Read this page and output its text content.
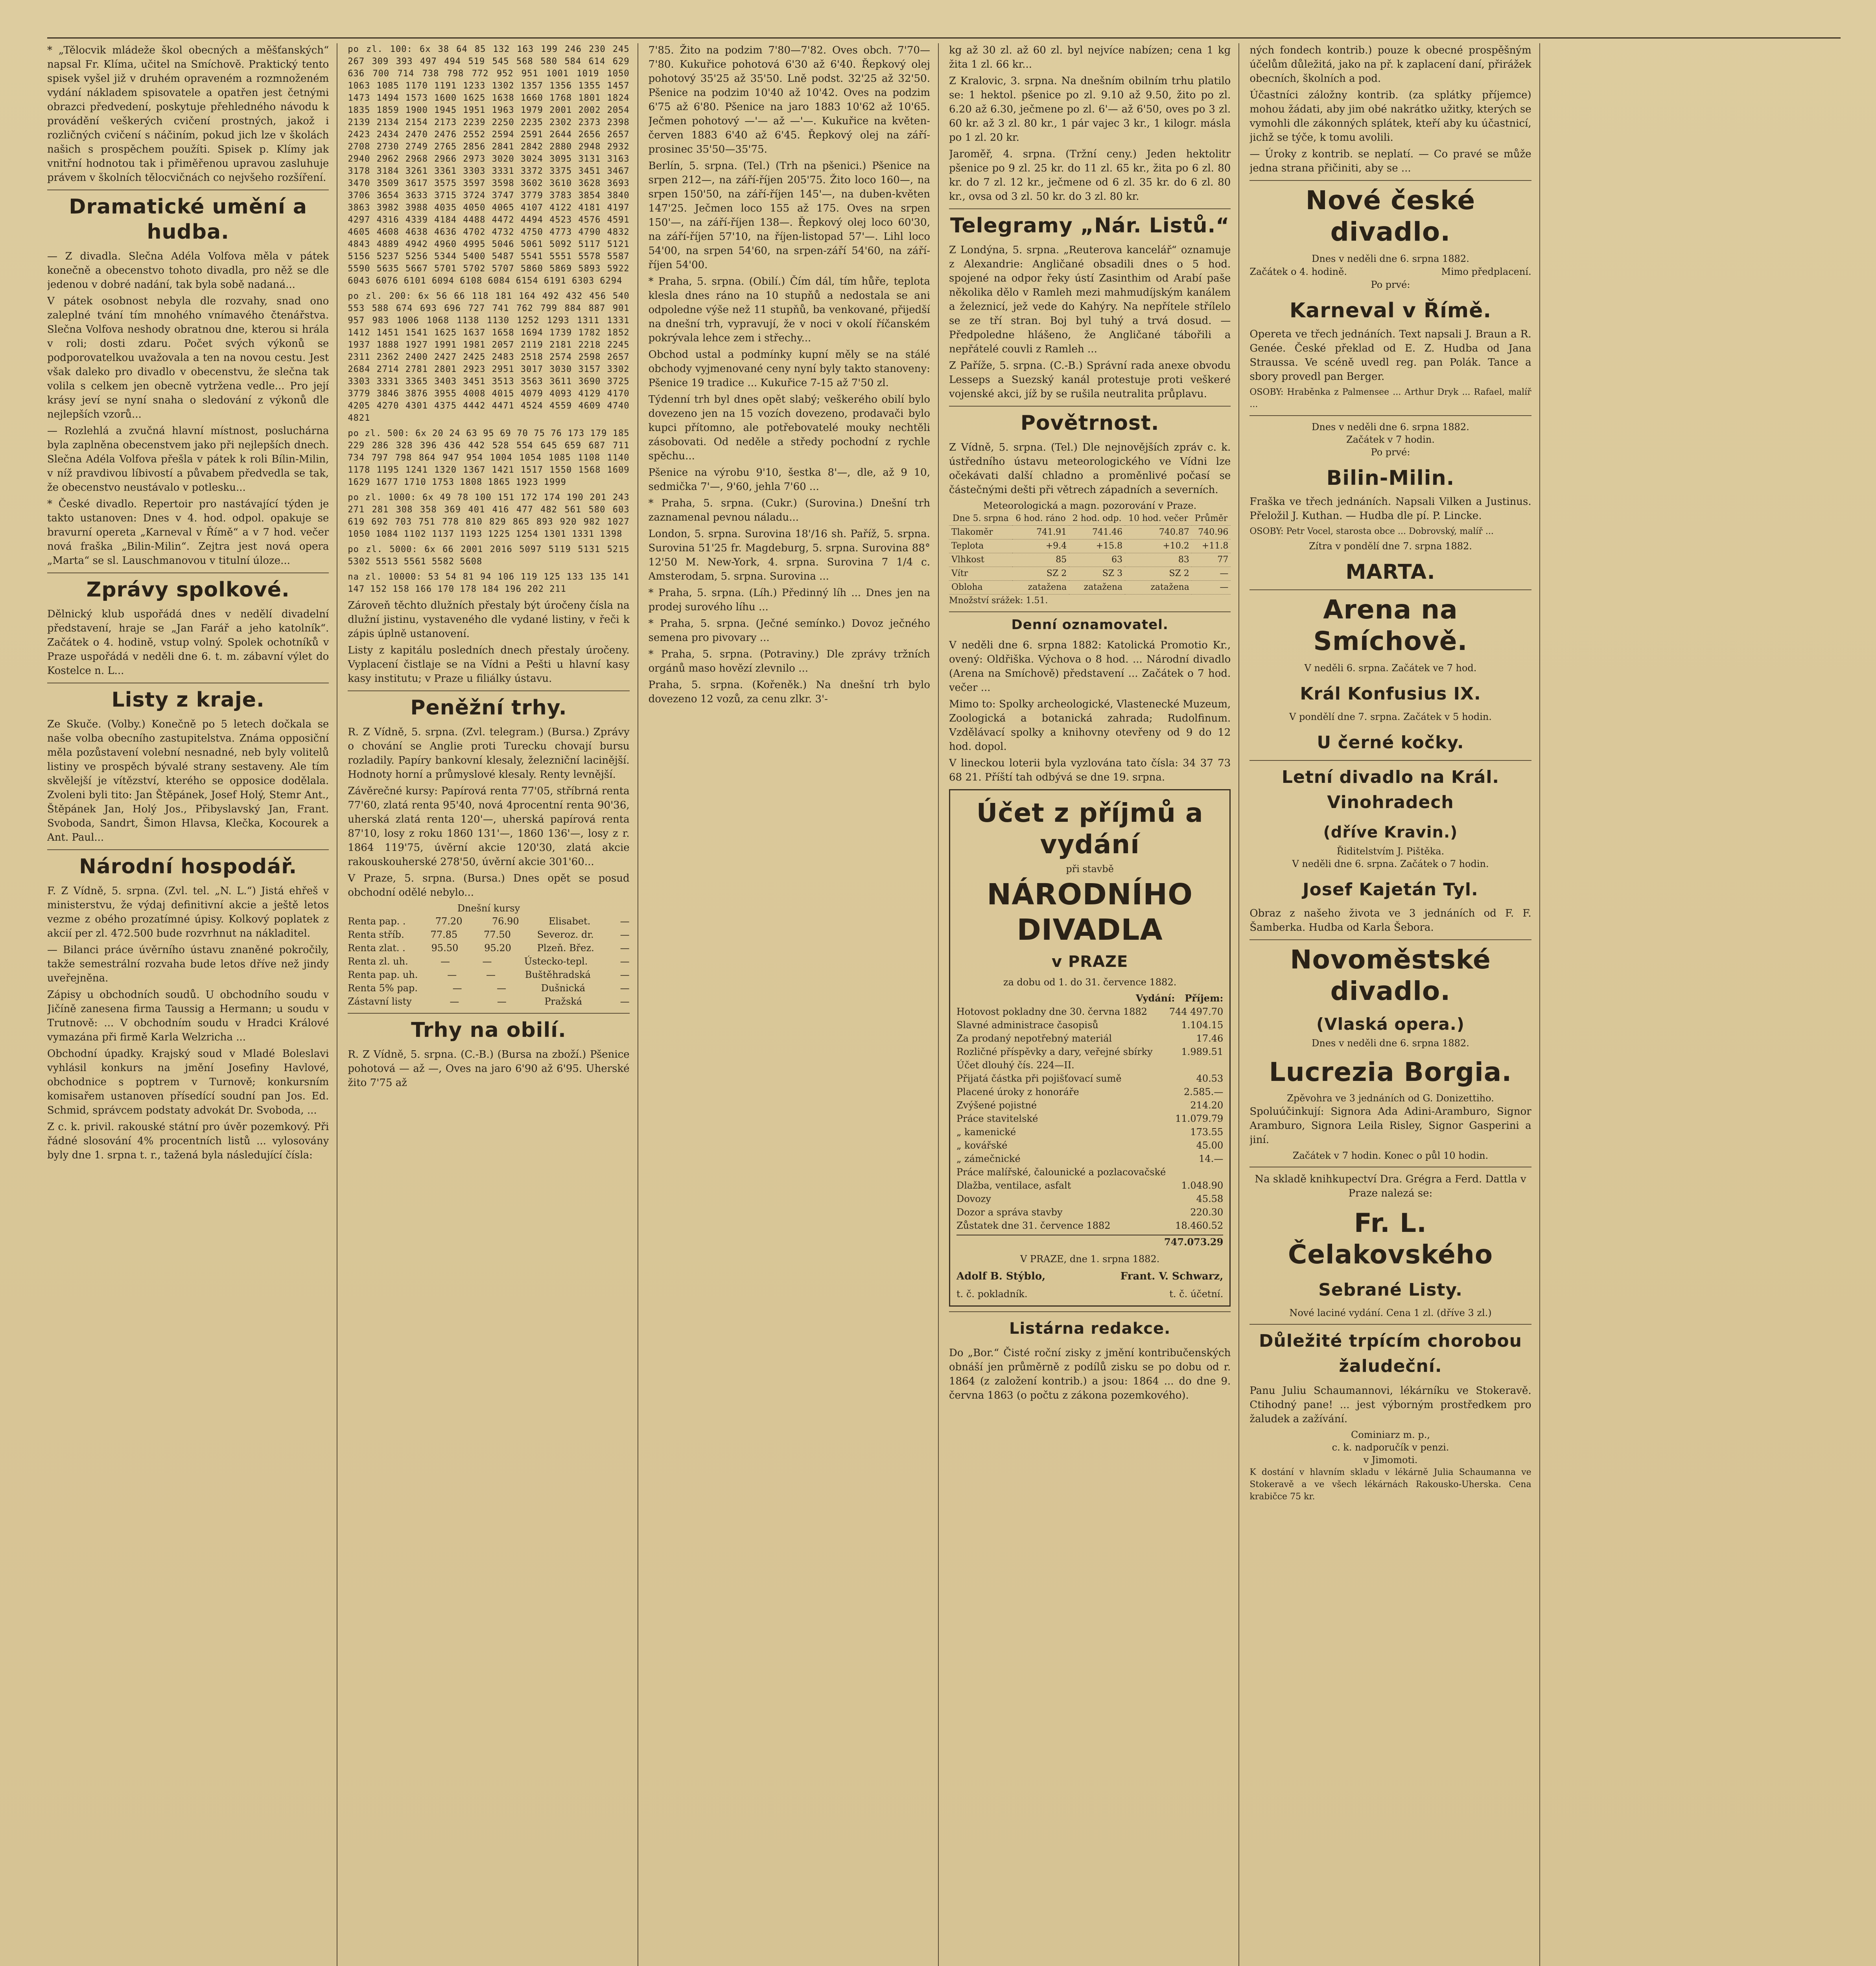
* „Tělocvik mládeže škol obecných a měšťanských“ napsal Fr. Klíma, učitel na Smíchově. Praktický tento spisek vyšel již v druhém opraveném a rozmnoženém vydání nákladem spisovatele a opatřen jest četnými obrazci předvedení, poskytuje přehledného návodu k provádění veškerých cvičení prostných, jakož i rozličných cvičení s náčiním, pokud jich lze v školách našich s prospěchem použíti. Spisek p. Klímy jak vnitřní hodnotou tak i přiměřenou upravou zasluhuje právem v školních tělocvičnách co nejvšeho rozšíření.

Dramatické umění a hudba.

— Z divadla. Slečna Adéla Volfova měla v pátek konečně a obecenstvo tohoto divadla, pro něž se dle jedenou v dobré nadání, tak byla sobě nadaná...

V pátek osobnost nebyla dle rozvahy, snad ono zaleplné tvání tím mnohého vnímavého čtenářstva. Slečna Volfova neshody obratnou dne, kterou si hrála v roli; dosti zdaru. Počet svých výkonů se podporovatelkou uvažovala a ten na novou cestu. Jest však daleko pro divadlo v obecenstvu, že slečna tak volila s celkem jen obecně vytržena vedle... Pro její krásy jeví se nyní snaha o sledování z výkonů dle nejlepších vzorů...

— Rozlehlá a zvučná hlavní místnost, posluchárna byla zaplněna obecenstvem jako při nejlepších dnech. Slečna Adéla Volfova přešla v pátek k roli Bílin-Milin, v níž pravdivou líbivostí a půvabem předvedla se tak, že obecenstvo neustávalo v potlesku...

* České divadlo. Repertoir pro nastávající týden je takto ustanoven: Dnes v 4. hod. odpol. opakuje se bravurní opereta „Karneval v Římě“ a v 7 hod. večer nová fraška „Bilin-Milin“. Zejtra jest nová opera „Marta“ se sl. Lauschmanovou v titulní úloze...

Zprávy spolkové.

Dělnický klub uspořádá dnes v nedělí divadelní představení, hraje se „Jan Farář a jeho katolník“. Začátek o 4. hodině, vstup volný. Spolek ochotníků v Praze uspořádá v neděli dne 6. t. m. zábavní výlet do Kostelce n. L...

Listy z kraje.

Ze Skuče. (Volby.) Konečně po 5 letech dočkala se naše volba obecního zastupitelstva. Známa opposiční měla pozůstavení volební nesnadné, neb byly volitelů listiny ve prospěch bývalé strany sestaveny. Ale tím skvělejší je vítězství, kterého se opposice dodělala. Zvoleni byli tito: Jan Štěpánek, Josef Holý, Stemr Ant., Štěpánek Jan, Holý Jos., Přibyslavský Jan, Frant. Svoboda, Sandrt, Šimon Hlavsa, Klečka, Kocourek a Ant. Paul...

Národní hospodář.

F. Z Vídně, 5. srpna. (Zvl. tel. „N. L.“) Jistá ehřeš v ministerstvu, že výdaj definitivní akcie a ještě letos vezme z obého prozatímné úpisy. Kolkový poplatek z akcií per zl. 472.500 bude rozvrhnut na nákladitel.

— Bilanci práce úvěrního ústavu znaněné pokročily, takže semestrální rozvaha bude letos dříve než jindy uveřejněna.

Zápisy u obchodních soudů. U obchodního soudu v Jičíně zanesena firma Taussig a Hermann; u soudu v Trutnově: ... V obchodním soudu v Hradci Králové vymazána při firmě Karla Welzricha ...

Obchodní úpadky. Krajský soud v Mladé Boleslavi vyhlásil konkurs na jmění Josefiny Havlové, obchodnice s poptrem v Turnově; konkursním komisařem ustanoven přísedící soudní pan Jos. Ed. Schmid, správcem podstaty advokát Dr. Svoboda, ...

Z c. k. privil. rakouské státní pro úvěr pozemkový. Při řádné slosování 4% procentních listů ... vylosovány byly dne 1. srpna t. r., tažená byla následující čísla:

po zl. 100: 6x 38 64 85 132 163 199 246 230 245 267 309 393 497 494 519 545 568 580 584 614 629 636 700 714 738 798 772 952 951 1001 1019 1050 1063 1085 1170 1191 1233 1302 1357 1356 1355 1457 1473 1494 1573 1600 1625 1638 1660 1768 1801 1824 1835 1859 1900 1945 1951 1963 1979 2001 2002 2054 2139 2134 2154 2173 2239 2250 2235 2302 2373 2398 2423 2434 2470 2476 2552 2594 2591 2644 2656 2657 2708 2730 2749 2765 2856 2841 2842 2880 2948 2932 2940 2962 2968 2966 2973 3020 3024 3095 3131 3163 3178 3184 3261 3361 3303 3331 3372 3375 3451 3467 3470 3509 3617 3575 3597 3598 3602 3610 3628 3693 3706 3654 3633 3715 3724 3747 3779 3783 3854 3840 3863 3982 3988 4035 4050 4065 4107 4122 4181 4197 4297 4316 4339 4184 4488 4472 4494 4523 4576 4591 4605 4608 4638 4636 4702 4732 4750 4773 4790 4832 4843 4889 4942 4960 4995 5046 5061 5092 5117 5121 5156 5237 5256 5344 5400 5487 5541 5551 5578 5587 5590 5635 5667 5701 5702 5707 5860 5869 5893 5922 6043 6076 6101 6094 6108 6084 6154 6191 6303 6294

po zl. 200: 6x 56 66 118 181 164 492 432 456 540 553 588 674 693 696 727 741 762 799 884 887 901 957 983 1006 1068 1138 1130 1252 1293 1311 1331 1412 1451 1541 1625 1637 1658 1694 1739 1782 1852 1937 1888 1927 1991 1981 2057 2119 2181 2218 2245 2311 2362 2400 2427 2425 2483 2518 2574 2598 2657 2684 2714 2781 2801 2923 2951 3017 3030 3157 3302 3303 3331 3365 3403 3451 3513 3563 3611 3690 3725 3779 3846 3876 3955 4008 4015 4079 4093 4129 4170 4205 4270 4301 4375 4442 4471 4524 4559 4609 4740 4821

po zl. 500: 6x 20 24 63 95 69 70 75 76 173 179 185 229 286 328 396 436 442 528 554 645 659 687 711 734 797 798 864 947 954 1004 1054 1085 1108 1140 1178 1195 1241 1320 1367 1421 1517 1550 1568 1609 1629 1677 1710 1753 1808 1865 1923 1999

po zl. 1000: 6x 49 78 100 151 172 174 190 201 243 271 281 308 358 369 401 416 477 482 561 580 603 619 692 703 751 778 810 829 865 893 920 982 1027 1050 1084 1102 1137 1193 1225 1254 1301 1331 1398

po zl. 5000: 6x 66 2001 2016 5097 5119 5131 5215 5302 5513 5561 5582 5608

na zl. 10000: 53 54 81 94 106 119 125 133 135 141 147 152 158 166 170 178 184 196 202 211

Zároveň těchto dlužních přestaly být úročeny čísla na dlužní jistinu, vystaveného dle vydané listiny, v řeči k zápis úplně ustanovení.

Listy z kapitálu posledních dnech přestaly úročeny. Vyplacení čistlaje se na Vídni a Pešti u hlavní kasy kasy institutu; v Praze u filiálky ústavu.

Peněžní trhy.

R. Z Vídně, 5. srpna. (Zvl. telegram.) (Bursa.) Zprávy o chování se Anglie proti Turecku chovají bursu rozladily. Papíry bankovní klesaly, železniční lacinější. Hodnoty horní a průmyslové klesaly. Renty levnější.

Závěrečné kursy: Papírová renta 77'05, stříbrná renta 77'60, zlatá renta 95'40, nová 4procentní renta 90'36, uherská zlatá renta 120'—, uherská papírová renta 87'10, losy z roku 1860 131'—, 1860 136'—, losy z r. 1864 119'75, úvěrní akcie 120'30, zlatá akcie rakouskouherské 278'50, úvěrní akcie 301'60...

V Praze, 5. srpna. (Bursa.) Dnes opět se posud obchodní odělé nebylo...

Dnešní kursy
Renta pap. .	77.20	76.90	Elisabet.	—
Renta stříb.	77.85	77.50	Severoz. dr.	—
Renta zlat. .	95.50	95.20	Plzeň. Břez.	—
Renta zl. uh.	—	—	Ústecko-tepl.	—
Renta pap. uh.	—	—	Buštěhradská	—
Renta 5% pap.	—	—	Dušnická	—
Zástavní listy	—	—	Pražská	—
Trhy na obilí.

R. Z Vídně, 5. srpna. (C.-B.) (Bursa na zboží.) Pšenice pohotová — až —, Oves na jaro 6'90 až 6'95. Uherské žito 7'75 až

7'85. Žito na podzim 7'80—7'82. Oves obch. 7'70—7'80. Kukuřice pohotová 6'30 až 6'40. Řepkový olej pohotový 35'25 až 35'50. Lně podst. 32'25 až 32'50. Pšenice na podzim 10'40 až 10'42. Oves na podzim 6'75 až 6'80. Pšenice na jaro 1883 10'62 až 10'65. Ječmen pohotový —'— až —'—. Kukuřice na květen-červen 1883 6'40 až 6'45. Řepkový olej na září-prosinec 35'50—35'75.

Berlín, 5. srpna. (Tel.) (Trh na pšenici.) Pšenice na srpen 212—, na září-říjen 205'75. Žito loco 160—, na srpen 150'50, na září-říjen 145'—, na duben-květen 147'25. Ječmen loco 155 až 175. Oves na srpen 150'—, na září-říjen 138—. Řepkový olej loco 60'30, na září-říjen 57'10, na říjen-listopad 57'—. Lihl loco 54'00, na srpen 54'60, na srpen-září 54'60, na září-říjen 54'00.

* Praha, 5. srpna. (Obilí.) Čím dál, tím hůře, teplota klesla dnes ráno na 10 stupňů a nedostala se ani odpoledne výše než 11 stupňů, ba venkované, přijedší na dnešní trh, vypravují, že v noci v okolí říčanském pokrývala lehce zem i střechy...

Obchod ustal a podmínky kupní měly se na stálé obchody vyjmenované ceny nyní byly takto stanoveny: Pšenice 19 tradice ... Kukuřice 7-15 až 7'50 zl.

Týdenní trh byl dnes opět slabý; veškerého obilí bylo dovezeno jen na 15 vozích dovezeno, prodavači bylo kupci přítomno, ale potřebovatelé mouky nechtěli zásobovati. Od neděle a středy pochodní z rychle spěchu...

Pšenice na výrobu 9'10, šestka 8'—, dle, až 9 10, sedmička 7'—, 9'60, jehla 7'60 ...

* Praha, 5. srpna. (Cukr.) (Surovina.) Dnešní trh zaznamenal pevnou náladu...

London, 5. srpna. Surovina 18'/16 sh. Paříž, 5. srpna. Surovina 51'25 fr. Magdeburg, 5. srpna. Surovina 88° 12'50 M. New-York, 4. srpna. Surovina 7 1/4 c. Amsterodam, 5. srpna. Surovina ...

* Praha, 5. srpna. (Líh.) Předinný líh ... Dnes jen na prodej surového líhu ...

* Praha, 5. srpna. (Ječné semínko.) Dovoz ječného semena pro pivovary ...

* Praha, 5. srpna. (Potraviny.) Dle zprávy tržních orgánů maso hovězí zlevnilo ...

Praha, 5. srpna. (Kořeněk.) Na dnešní trh bylo dovezeno 12 vozů, za cenu zlkr. 3'-

kg až 30 zl. až 60 zl. byl nejvíce nabízen; cena 1 kg žita 1 zl. 66 kr...

Z Kralovic, 3. srpna. Na dnešním obilním trhu platilo se: 1 hektol. pšenice po zl. 9.10 až 9.50, žito po zl. 6.20 až 6.30, ječmene po zl. 6'— až 6'50, oves po 3 zl. 60 kr. až 3 zl. 80 kr., 1 pár vajec 3 kr., 1 kilogr. másla po 1 zl. 20 kr.

Jaroměř, 4. srpna. (Tržní ceny.) Jeden hektolitr pšenice po 9 zl. 25 kr. do 11 zl. 65 kr., žita po 6 zl. 80 kr. do 7 zl. 12 kr., ječmene od 6 zl. 35 kr. do 6 zl. 80 kr., ovsa od 3 zl. 50 kr. do 3 zl. 80 kr.

Telegramy „Nár. Listů.“

Z Londýna, 5. srpna. „Reuterova kancelář“ oznamuje z Alexandrie: Angličané obsadili dnes o 5 hod. spojené na odpor řeky ústí Zasinthim od Arabí paše několika dělo v Ramleh mezi mahmudíjským kanálem a železnicí, jež vede do Kahýry. Na nepřítele střílelo se ze tří stran. Boj byl tuhý a trvá dosud. — Předpoledne hlášeno, že Angličané tábořili a nepřátelé couvli z Ramleh ...

Z Paříže, 5. srpna. (C.-B.) Správní rada anexe obvodu Lesseps a Suezský kanál protestuje proti veškeré vojenské akci, jíž by se rušila neutralita průplavu.

Povětrnost.

Z Vídně, 5. srpna. (Tel.) Dle nejnovějších zpráv c. k. ústředního ústavu meteorologického ve Vídni lze očekávati další chladno a proměnlivé počasí se částečnými dešti při větrech západních a severních.

Meteorologická a magn. pozorování v Praze.
Dne 5. srpna	6 hod. ráno	2 hod. odp.	10 hod. večer	Průměr
Tlakoměr	741.91	741.46	740.87	740.96
Teplota	+9.4	+15.8	+10.2	+11.8
Vlhkost	85	63	83	77
Vítr	SZ 2	SZ 3	SZ 2	—
Obloha	zatažena	zatažena	zatažena	—

Množství srážek: 1.51.

Denní oznamovatel.

V neděli dne 6. srpna 1882: Katolická Promotio Kr., ovený: Oldřiška. Výchova o 8 hod. ... Národní divadlo (Arena na Smíchově) představení ... Začátek o 7 hod. večer ...

Mimo to: Spolky archeologické, Vlastenecké Muzeum, Zoologická a botanická zahrada; Rudolfinum. Vzdělávací spolky a knihovny otevřeny od 9 do 12 hod. dopol.

V lineckou loterii byla vyzlována tato čísla: 34 37 73 68 21. Příští tah odbývá se dne 19. srpna.

Účet z příjmů a vydání
při stavbě
NÁRODNÍHO DIVADLA
v PRAZE
za dobu od 1. do 31. července 1882.
Vydání: Příjem:
Hotovost pokladny dne 30. června 1882 744 497.70
Slavné administrace časopisů	1.104.15
Za prodaný nepotřebný materiál	17.46
Rozličné příspěvky a dary, veřejné sbírky	1.989.51
Účet dlouhý čís. 224—II.
Přijatá částka při pojišťovací sumě	40.53
Placené úroky z honoráře	2.585.—
Zvýšené pojistné	214.20
Práce stavitelské	11.079.79
„ kamenické	173.55
„ kovářské	45.00
„ zámečnické	14.—
Práce malířské, čalounické a pozlacovačské
Dlažba, ventilace, asfalt	1.048.90
Dovozy	45.58
Dozor a správa stavby	220.30
Zůstatek dne 31. července 1882	18.460.52
747.073.29
V PRAZE, dne 1. srpna 1882.
Adolf B. Stýblo,	Frant. V. Schwarz,
t. č. pokladník.	t. č. účetní.
Listárna redakce.

Do „Bor.“ Čisté roční zisky z jmění kontribučenských obnáší jen průměrně z podílů zisku se po dobu od r. 1864 (z založení kontrib.) a jsou: 1864 ... do dne 9. června 1863 (o počtu z zákona pozemkového).

ných fondech kontrib.) pouze k obecné prospěšným účelům důležitá, jako na př. k zaplacení daní, přirážek obecních, školních a pod.

Účastníci záložny kontrib. (za splátky příjemce) mohou žádati, aby jim obé nakrátko užitky, kterých se vymohli dle zákonných splátek, kteří aby ku účastnicí, jichž se týče, k tomu avolili.

— Úroky z kontrib. se neplatí. — Co pravé se může jedna strana přičiniti, aby se ...

Nové české divadlo.
Dnes v neděli dne 6. srpna 1882.
Začátek o 4. hodině.	Mimo předplacení.
Po prvé:
Karneval v Římě.

Opereta ve třech jednáních. Text napsali J. Braun a R. Genée. České překlad od E. Z. Hudba od Jana Straussa. Ve scéně uvedl reg. pan Polák. Tance a sbory provedl pan Berger.

OSOBY: Hraběnka z Palmensee ... Arthur Dryk ... Rafael, malíř ...

Dnes v neděli dne 6. srpna 1882.
Začátek v 7 hodin.
Po prvé:
Bilin-Milin.

Fraška ve třech jednáních. Napsali Vilken a Justinus. Přeložil J. Kuthan. — Hudba dle pí. P. Lincke.

OSOBY: Petr Vocel, starosta obce ... Dobrovský, malíř ...

Zítra v pondělí dne 7. srpna 1882.
MARTA.
Arena na Smíchově.
V neděli 6. srpna. Začátek ve 7 hod.
Král Konfusius IX.
V pondělí dne 7. srpna. Začátek v 5 hodin.
U černé kočky.
Letní divadlo na Král. Vinohradech
(dříve Kravin.)
Řiditelstvím J. Pištěka.
V neděli dne 6. srpna. Začátek o 7 hodin.
Josef Kajetán Tyl.

Obraz z našeho života ve 3 jednáních od F. F. Šamberka. Hudba od Karla Šebora.

Novoměstské divadlo.
(Vlaská opera.)
Dnes v neděli dne 6. srpna 1882.
Lucrezia Borgia.
Zpěvohra ve 3 jednáních od G. Donizettiho.

Spoluúčinkují: Signora Ada Adini-Aramburo, Signor Aramburo, Signora Leila Risley, Signor Gasperini a jiní.

Začátek v 7 hodin. Konec o půl 10 hodin.

Na skladě knihkupectví Dra. Grégra a Ferd. Dattla v Praze nalezá se:

Fr. L. Čelakovského
Sebrané Listy.
Nové laciné vydání. Cena 1 zl. (dříve 3 zl.)
Důležité trpícím chorobou žaludeční.

Panu Juliu Schaumannovi, lékárníku ve Stokeravě. Ctihodný pane! ... jest výborným prostředkem pro žaludek a zažívání.

Cominiarz m. p.,
c. k. nadporučík v penzi.
v Jimomoti.

K dostání v hlavním skladu v lékárně Julia Schaumanna ve Stokeravě a ve všech lékárnách Rakousko-Uherska. Cena krabičce 75 kr.
